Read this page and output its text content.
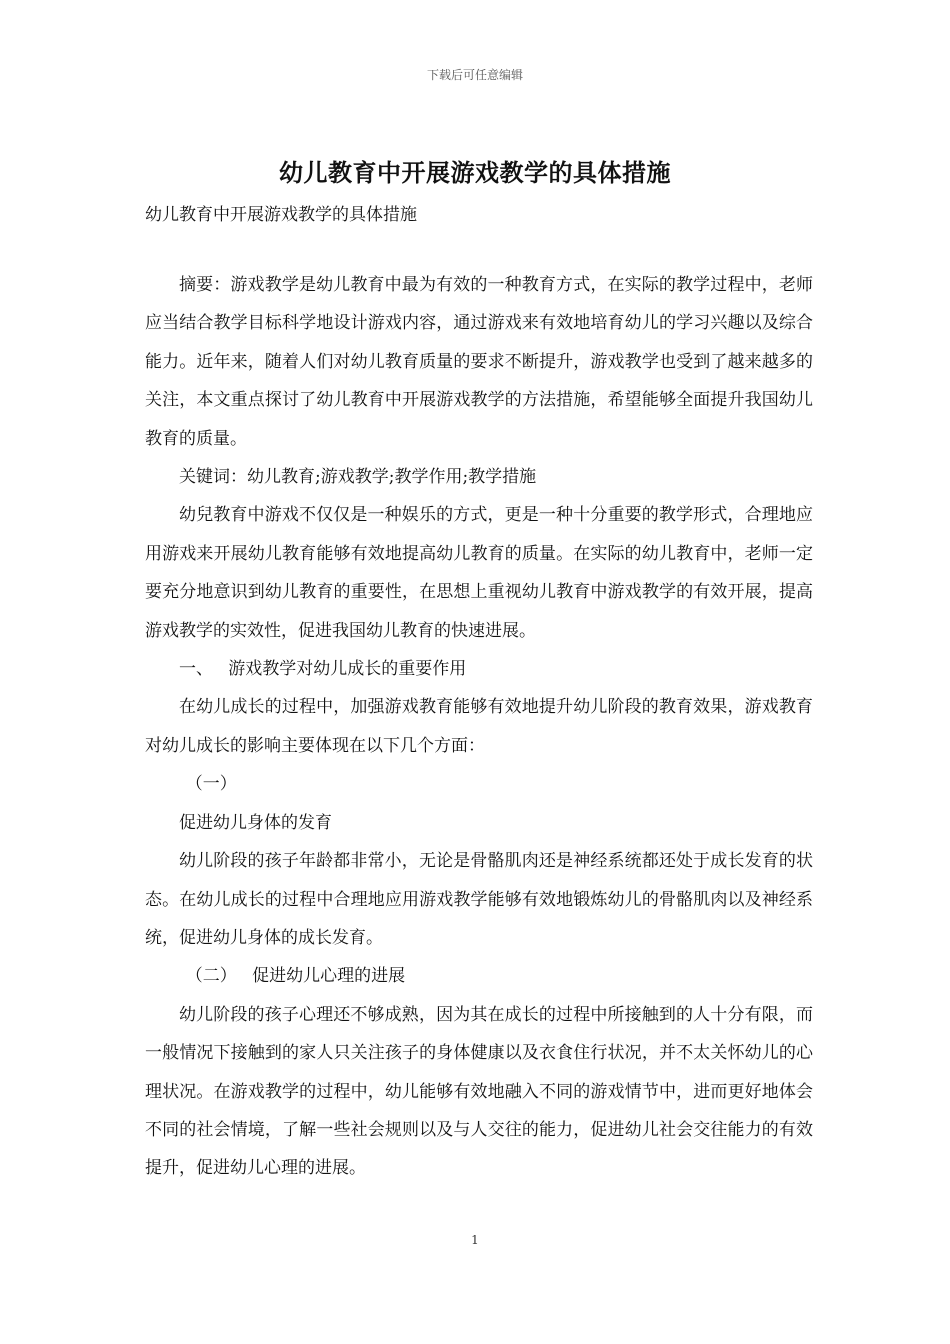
下载后可任意编辑
幼儿教育中开展游戏教学的具体措施
幼儿教育中开展游戏教学的具体措施

摘要：游戏教学是幼儿教育中最为有效的一种教育方式，在实际的教学过程中，老师应当结合教学目标科学地设计游戏内容，通过游戏来有效地培育幼儿的学习兴趣以及综合能力。近年来，随着人们对幼儿教育质量的要求不断提升，游戏教学也受到了越来越多的关注，本文重点探讨了幼儿教育中开展游戏教学的方法措施，希望能够全面提升我国幼儿教育的质量。

关键词：幼儿教育;游戏教学;教学作用;教学措施

幼兒教育中游戏不仅仅是一种娱乐的方式，更是一种十分重要的教学形式，合理地应用游戏来开展幼儿教育能够有效地提高幼儿教育的质量。在实际的幼儿教育中，老师一定要充分地意识到幼儿教育的重要性，在思想上重视幼儿教育中游戏教学的有效开展，提高游戏教学的实效性，促进我国幼儿教育的快速进展。

一、 游戏教学对幼儿成长的重要作用

在幼儿成长的过程中，加强游戏教育能够有效地提升幼儿阶段的教育效果，游戏教育对幼儿成长的影响主要体现在以下几个方面：

（一）

促进幼儿身体的发育

幼儿阶段的孩子年龄都非常小，无论是骨骼肌肉还是神经系统都还处于成长发育的状态。在幼儿成长的过程中合理地应用游戏教学能够有效地锻炼幼儿的骨骼肌肉以及神经系统，促进幼儿身体的成长发育。

（二） 促进幼儿心理的进展

幼儿阶段的孩子心理还不够成熟，因为其在成长的过程中所接触到的人十分有限，而一般情况下接触到的家人只关注孩子的身体健康以及衣食住行状况，并不太关怀幼儿的心理状况。在游戏教学的过程中，幼儿能够有效地融入不同的游戏情节中，进而更好地体会不同的社会情境，了解一些社会规则以及与人交往的能力，促进幼儿社会交往能力的有效提升，促进幼儿心理的进展。

1
